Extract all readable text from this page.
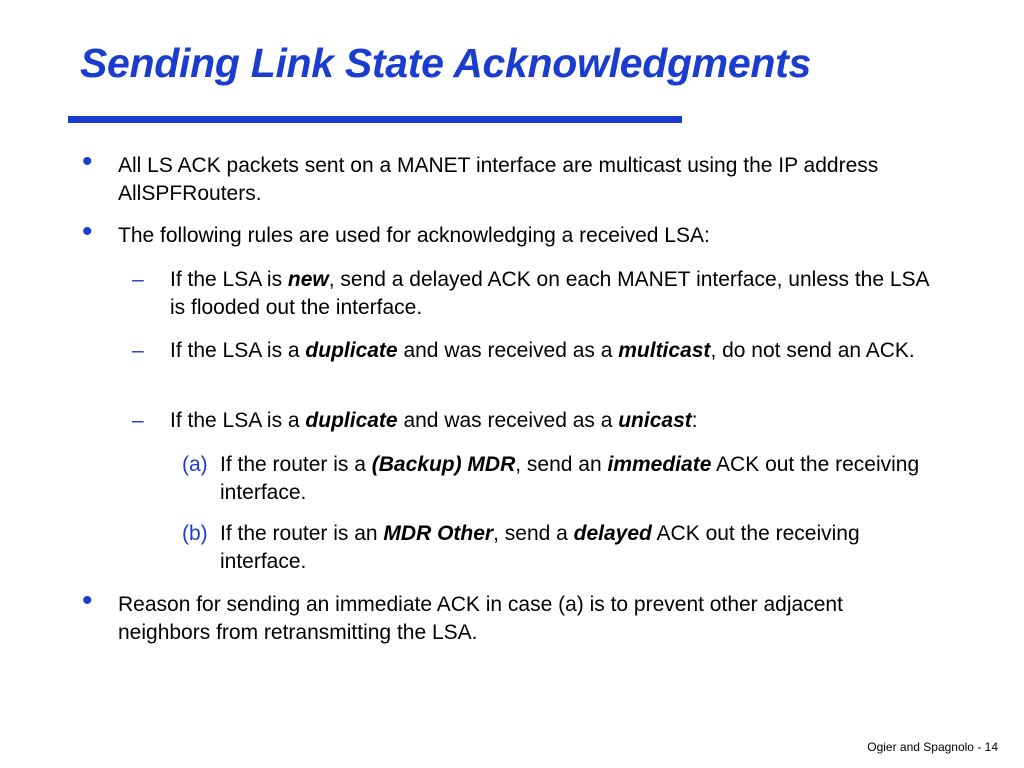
Sending Link State Acknowledgments
• All LS ACK packets sent on a MANET interface are multicast using the IP address AllSPFRouters.

• The following rules are used for acknowledging a received LSA:

– If the LSA is new, send a delayed ACK on each MANET interface, unless the LSA is flooded out the interface.

– If the LSA is a duplicate and was received as a multicast, do not send an ACK.

– If the LSA is a duplicate and was received as a unicast:

(a) If the router is a (Backup) MDR, send an immediate ACK out the receiving interface.

(b) If the router is an MDR Other, send a delayed ACK out the receiving interface.

• Reason for sending an immediate ACK in case (a) is to prevent other adjacent neighbors from retransmitting the LSA.

Ogier and Spagnolo - 14
